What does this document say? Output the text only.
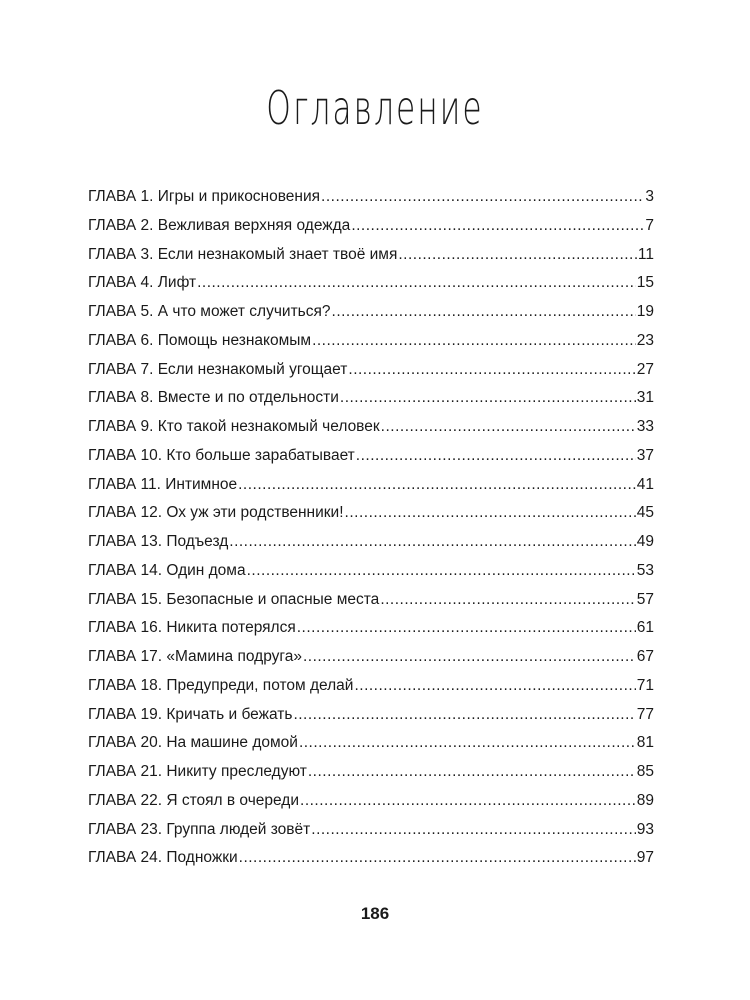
Оглавление
ГЛАВА 1. Игры и прикосновения .....	3
ГЛАВА 2. Вежливая верхняя одежда .....	7
ГЛАВА 3. Если незнакомый знает твоё имя .....	11
ГЛАВА 4. Лифт .....	15
ГЛАВА 5. А что может случиться? .....	19
ГЛАВА 6. Помощь незнакомым .....	23
ГЛАВА 7. Если незнакомый угощает .....	27
ГЛАВА 8. Вместе и по отдельности .....	31
ГЛАВА 9. Кто такой незнакомый человек .....	33
ГЛАВА 10. Кто больше зарабатывает .....	37
ГЛАВА 11. Интимное .....	41
ГЛАВА 12. Ох уж эти родственники! .....	45
ГЛАВА 13. Подъезд .....	49
ГЛАВА 14. Один дома .....	53
ГЛАВА 15. Безопасные и опасные места .....	57
ГЛАВА 16. Никита потерялся .....	61
ГЛАВА 17. «Мамина подруга» .....	67
ГЛАВА 18. Предупреди, потом делай .....	71
ГЛАВА 19. Кричать и бежать .....	77
ГЛАВА 20. На машине домой .....	81
ГЛАВА 21. Никиту преследуют .....	85
ГЛАВА 22. Я стоял в очереди .....	89
ГЛАВА 23. Группа людей зовёт .....	93
ГЛАВА 24. Подножки .....	97
186
